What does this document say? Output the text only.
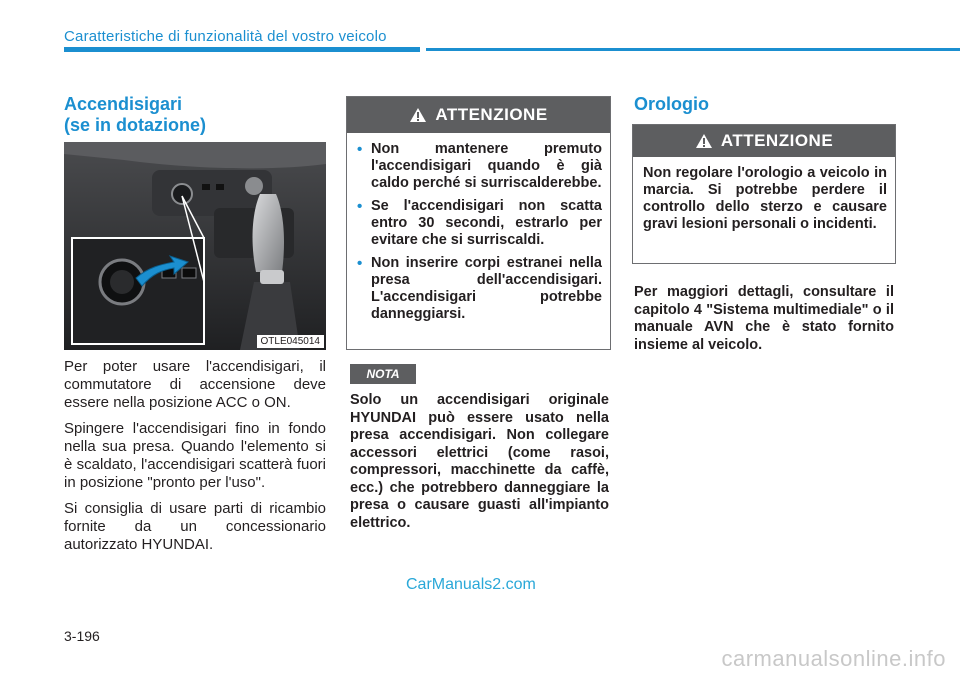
Caratteristiche di funzionalità del vostro veicolo
Accendisigari
(se in dotazione)
OTLE045014

Per poter usare l'accendisigari, il commutatore di accensione deve essere nella posizione ACC o ON.

Spingere l'accendisigari fino in fondo nella sua presa. Quando l'elemento si è scaldato, l'accendisigari scatterà fuori in posizione "pronto per l'uso".

Si consiglia di usare parti di ricambio fornite da un concessionario autorizzato HYUNDAI.

ATTENZIONE
• Non mantenere premuto l'accendisigari quando è già caldo perché si surriscalderebbe.
• Se l'accendisigari non scatta entro 30 secondi, estrarlo per evitare che si surriscaldi.
• Non inserire corpi estranei nella presa dell'accendisigari. L'accendisigari potrebbe danneggiarsi.
NOTA
Solo un accendisigari originale HYUNDAI può essere usato nella presa accendisigari. Non collegare accessori elettrici (come rasoi, compressori, macchinette da caffè, ecc.) che potrebbero danneggiare la presa o causare guasti all'impianto elettrico.
Orologio
ATTENZIONE
Non regolare l'orologio a veicolo in marcia. Si potrebbe perdere il controllo dello sterzo e causare gravi lesioni personali o incidenti.
Per maggiori dettagli, consultare il capitolo 4 "Sistema multimediale" o il manuale AVN che è stato fornito insieme al veicolo.
CarManuals2.com
3-196
carmanualsonline.info
